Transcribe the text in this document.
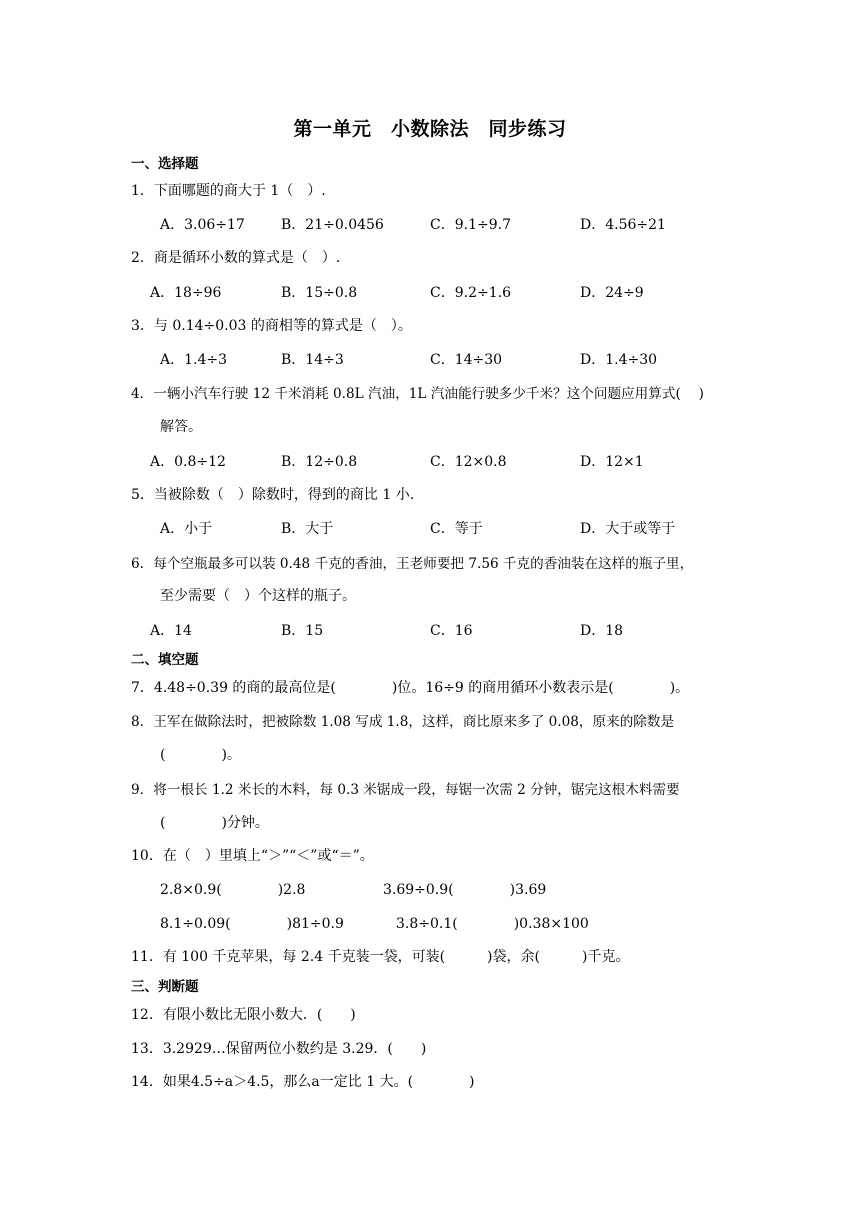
第一单元　小数除法　同步练习
一、选择题
1．下面哪题的商大于 1（　）.
A．3.06÷17	B．21÷0.0456	C．9.1÷9.7	D．4.56÷21
2．商是循环小数的算式是（　）.
A．18÷96	B．15÷0.8	C．9.2÷1.6	D．24÷9
3．与 0.14÷0.03 的商相等的算式是（　）。
A．1.4÷3	B．14÷3	C．14÷30	D．1.4÷30
4．一辆小汽车行驶 12 千米消耗 0.8L 汽油，1L 汽油能行驶多少千米？这个问题应用算式(　 )
解答。
A．0.8÷12	B．12÷0.8	C．12×0.8	D．12×1
5．当被除数（　）除数时，得到的商比 1 小.
A．小于	B．大于	C．等于	D．大于或等于
6．每个空瓶最多可以装 0.48 千克的香油，王老师要把 7.56 千克的香油装在这样的瓶子里，
至少需要（　）个这样的瓶子。
A．14	B．15	C．16	D．18
二、填空题
7．4.48÷0.39 的商的最高位是(　　　　)位。16÷9 的商用循环小数表示是(　　　　)。
8．王军在做除法时，把被除数 1.08 写成 1.8，这样，商比原来多了 0.08，原来的除数是
(　　　　)。
9．将一根长 1.2 米长的木料，每 0.3 米锯成一段，每锯一次需 2 分钟，锯完这根木料需要
(　　　　)分钟。
10．在（　）里填上“＞”“＜”或“＝”。
2.8×0.9(　　　　)2.8	3.69÷0.9(　　　　)3.69
8.1÷0.09(　　　　)81÷0.9	3.8÷0.1(　　　　)0.38×100
11．有 100 千克苹果，每 2.4 千克装一袋，可装(　　　)袋，余(　　　)千克。
三、判断题
12．有限小数比无限小数大．(　　)
13．3.2929…保留两位小数约是 3.29．(　　)
14．如果4.5÷a＞4.5，那么a一定比 1 大。(　　　　)
